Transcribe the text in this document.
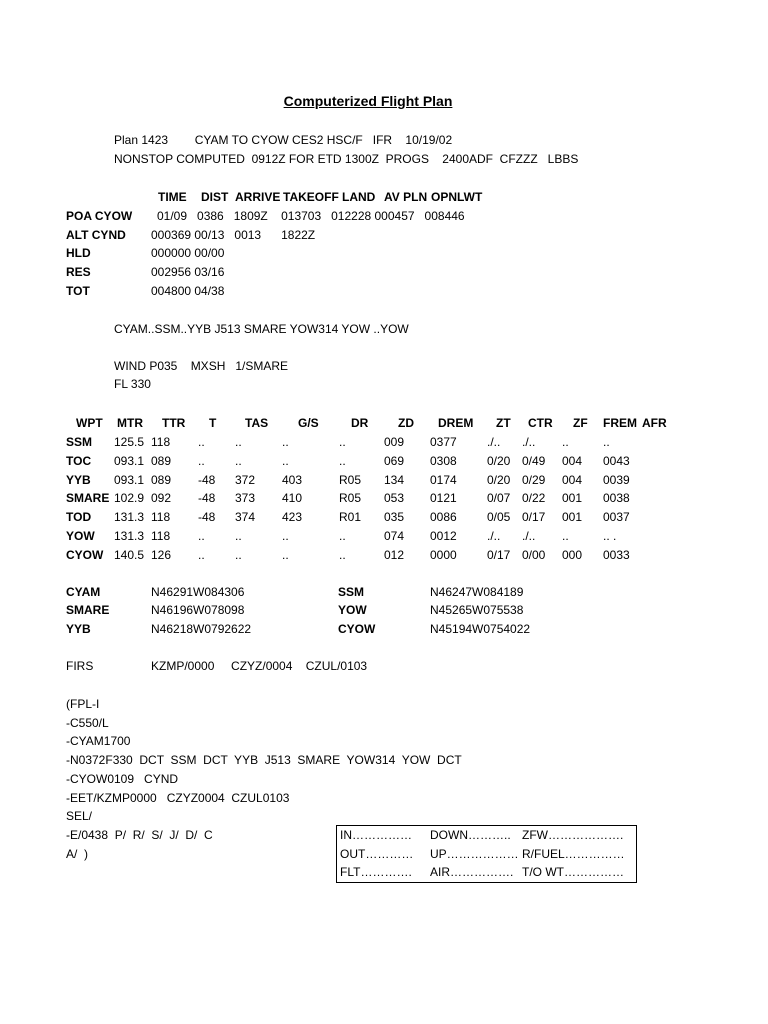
Computerized Flight Plan
Plan 1423        CYAM TO CYOW CES2 HSC/F   IFR    10/19/02
NONSTOP COMPUTED  0912Z FOR ETD 1300Z  PROGS    2400ADF  CFZZZ   LBBS
TIME DIST ARRIVE TAKEOFF LAND AV PLN OPNLWT
POA CYOW 01/09   0386   1809Z    013703   012228 000457   008446
ALT CYND 000369 00/13   0013      1822Z
HLD	000000 00/00
RES	002956 03/16
TOT	004800 04/38
CYAM..SSM..YYB J513 SMARE YOW314 YOW ..YOW
WIND P035    MXSH   1/SMARE
FL 330
WPT MTR TTR T TAS G/S	DR ZD DREM ZT CTR ZF FREM AFR
SSM 125.5 118 ..	..	..	..	009 0377	./.. ./.. ..	..
TOC 093.1 089 ..	..	..	..	069 0308	0/20 0/49 004 0043
YYB 093.1 089 -48 372 403	R05 134 0174	0/20 0/29 004 0039
SMARE 102.9 092 -48 373 410	R05 053 0121	0/07 0/22 001 0038
TOD 131.3 118 -48 374 423	R01 035 0086	0/05 0/17 001 0037
YOW 131.3 118 ..	..	..	..	074 0012	./.. ./.. ..	.. .
CYOW 140.5 126 ..	..	..	..	012 0000	0/17 0/00 000 0033
CYAM	N46291W084306	SSM	N46247W084189
SMARE	N46196W078098	YOW	N45265W075538
YYB	N46218W0792622	CYOW	N45194W0754022
FIRS	KZMP/0000     CZYZ/0004    CZUL/0103
(FPL-I
-C550/L
-CYAM1700
-N0372F330  DCT  SSM  DCT  YYB  J513  SMARE  YOW314  YOW  DCT
-CYOW0109   CYND
-EET/KZMP0000   CZYZ0004  CZUL0103
SEL/
-E/0438  P/  R/  S/  J/  D/  C
A/  )
IN…………… DOWN……….. ZFW……………….
OUT………… UP……………… R/FUEL……………
FLT…………. AIR……………. T/O WT……………
